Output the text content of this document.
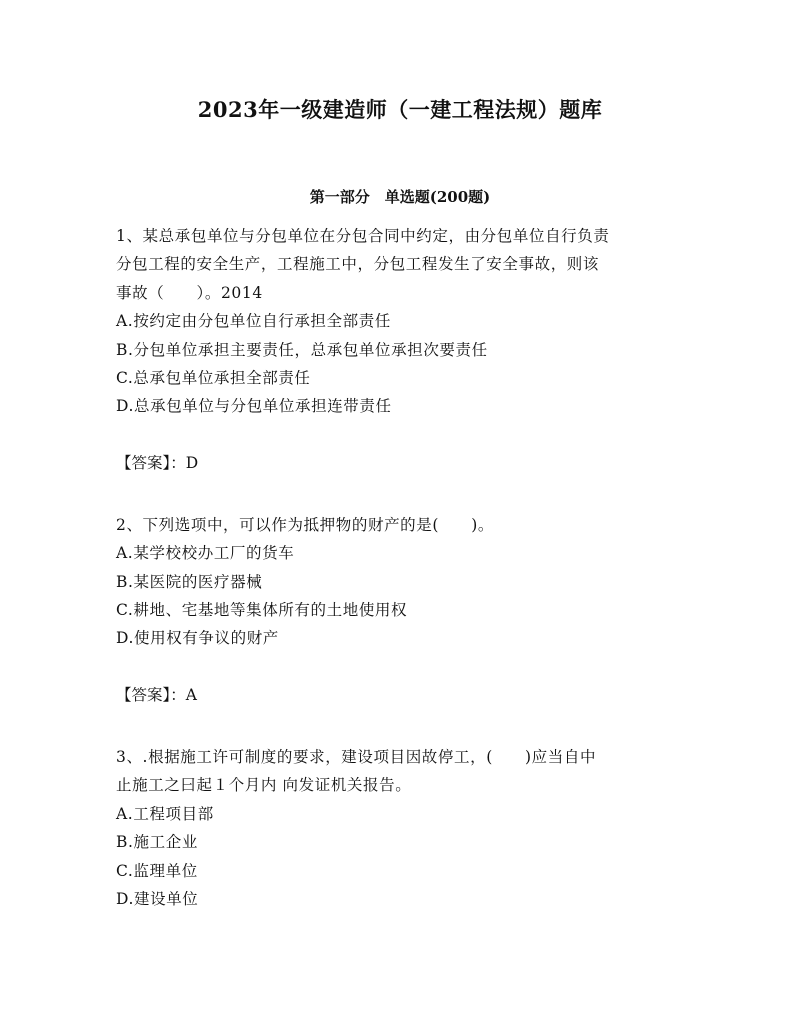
2023年一级建造师（一建工程法规）题库
第一部分　单选题(200题)
1、某总承包单位与分包单位在分包合同中约定，由分包单位自行负责
分包工程的安全生产，工程施工中，分包工程发生了安全事故，则该
事故（　　）。2014
A.按约定由分包单位自行承担全部责任
B.分包单位承担主要责任，总承包单位承担次要责任
C.总承包单位承担全部责任
D.总承包单位与分包单位承担连带责任
【答案】：D
2、下列选项中，可以作为抵押物的财产的是(　　)。
A.某学校校办工厂的货车
B.某医院的医疗器械
C.耕地、宅基地等集体所有的土地使用权
D.使用权有争议的财产
【答案】：A
3、.根据施工许可制度的要求，建设项目因故停工，(　　)应当自中
止施工之曰起１个月内 向发证机关报告。
A.工程项目部
B.施工企业
C.监理单位
D.建设单位
